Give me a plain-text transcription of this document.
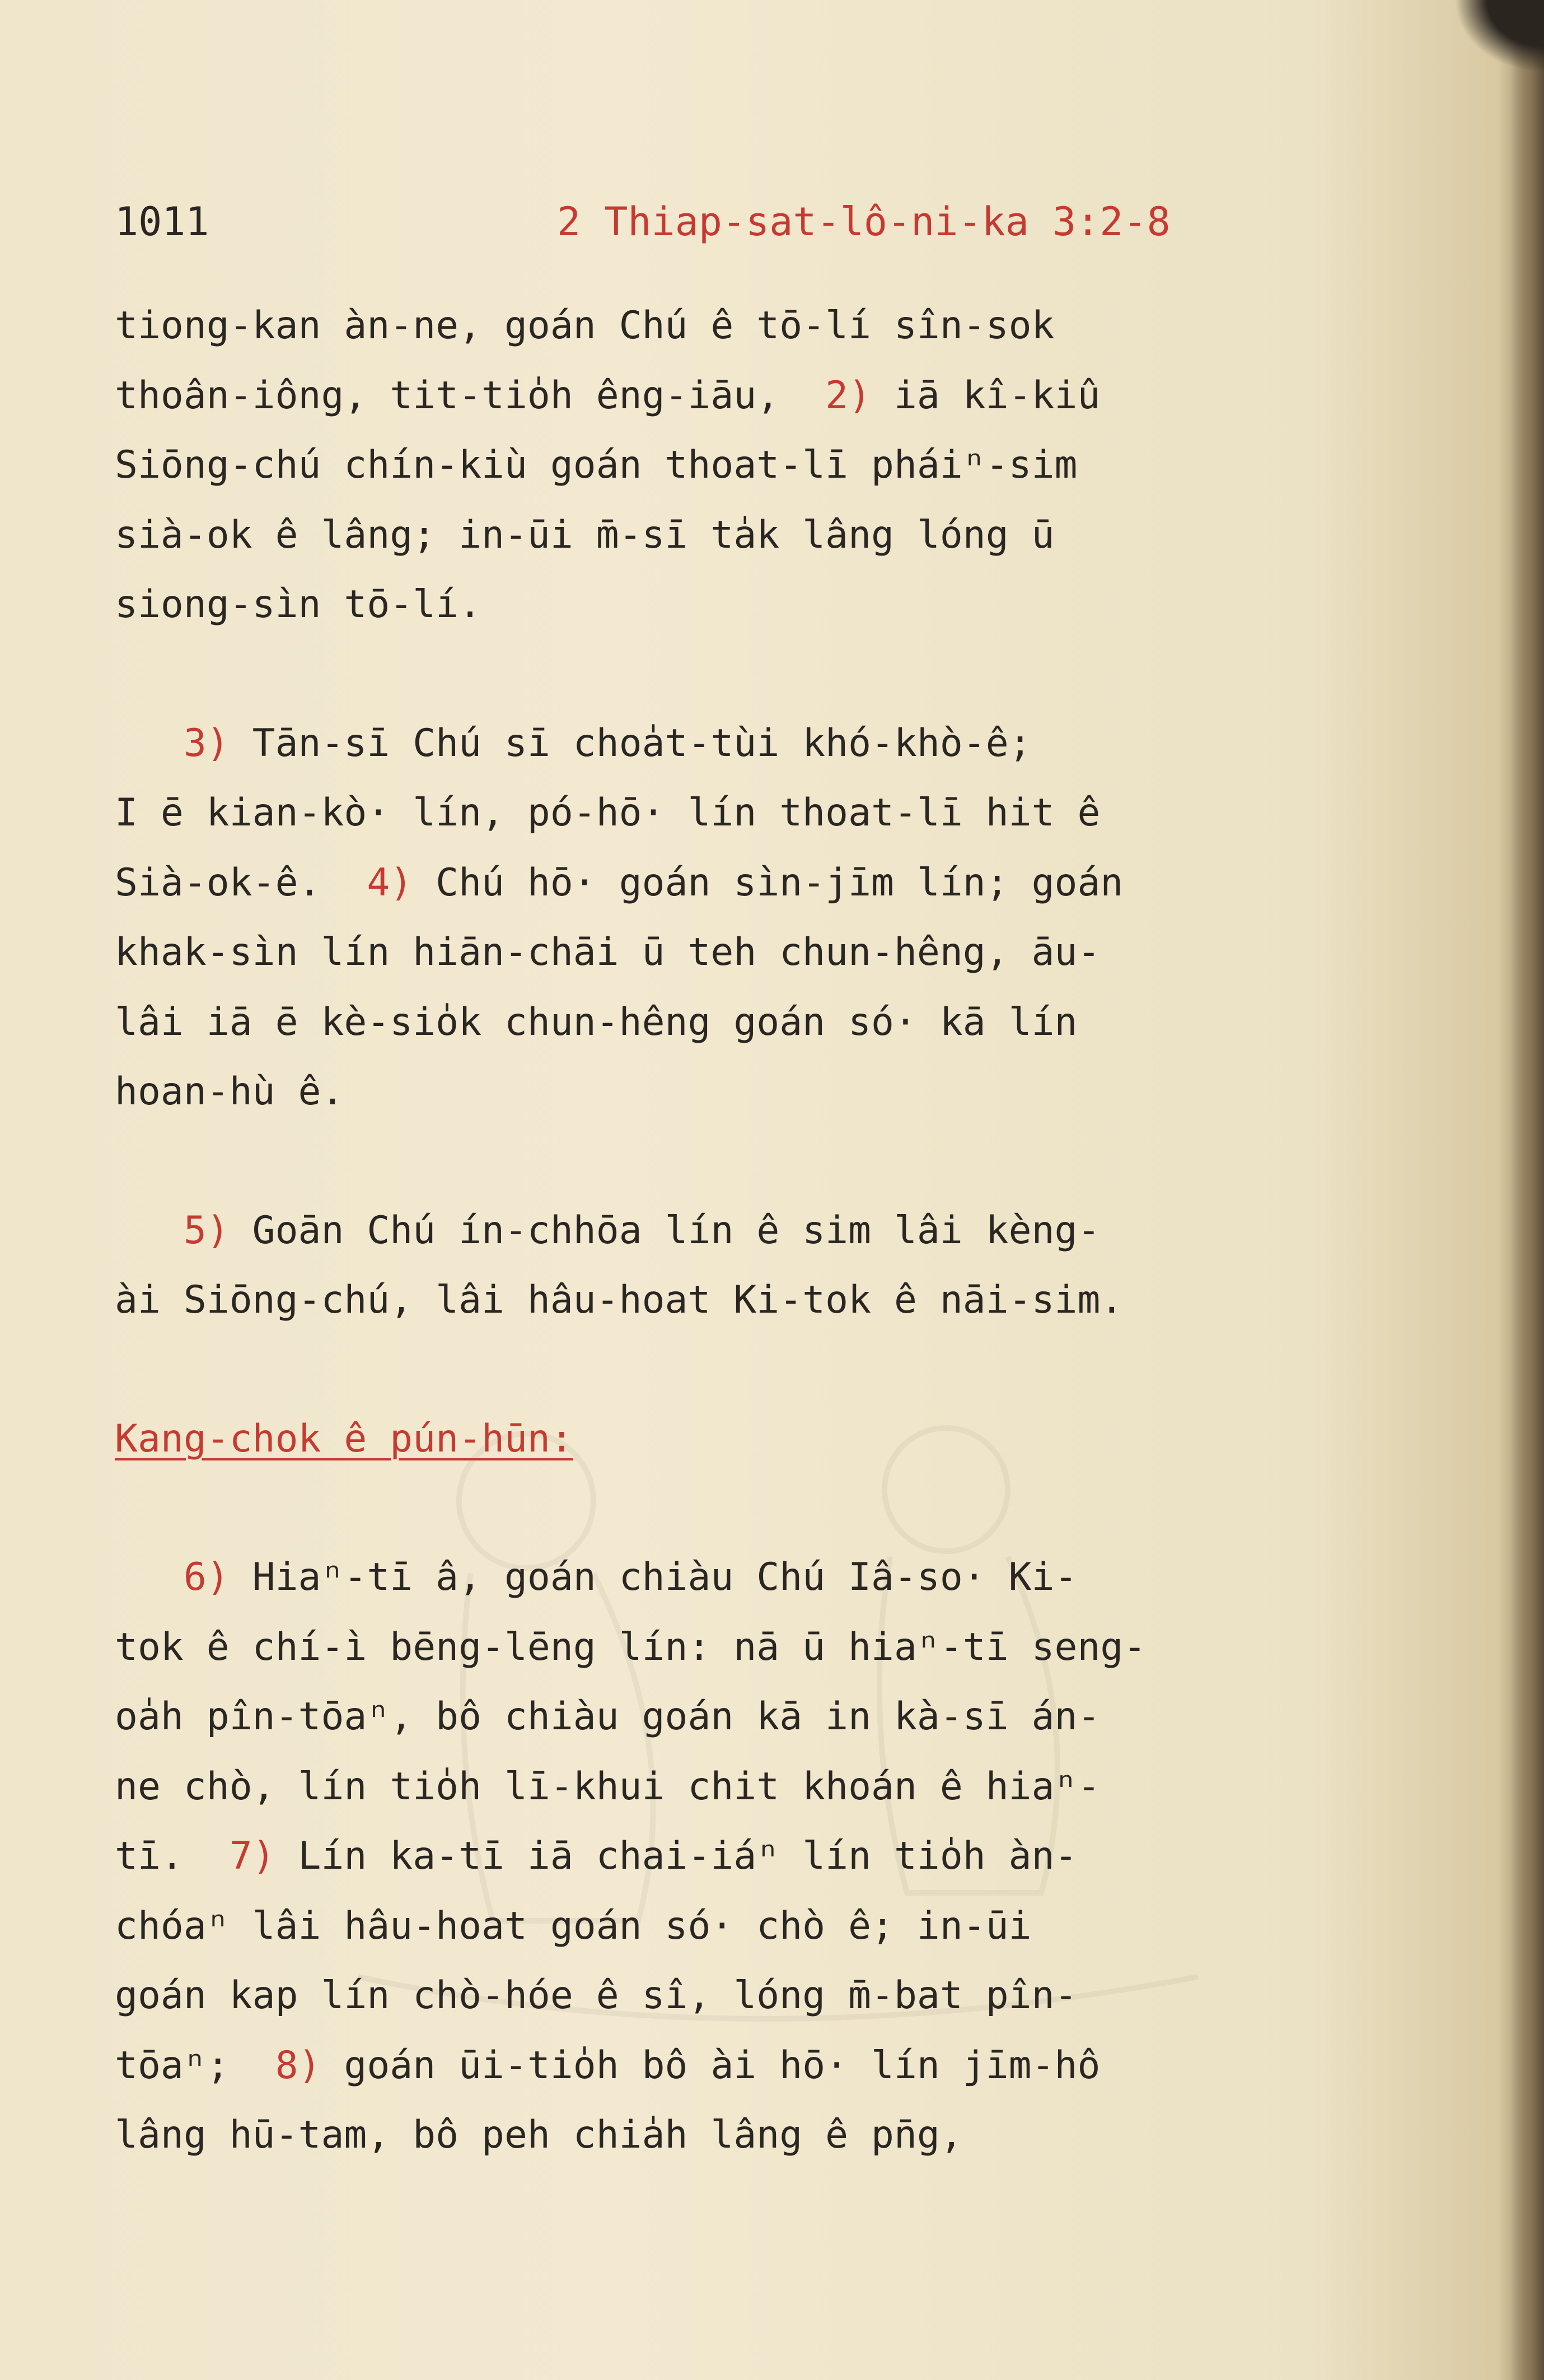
1011	2 Thiap-sat-lô-ni-ka 3:2-8
tiong-kan àn-ne, goán Chú ê tō-lí sîn-sok
thoân-iông, tit-tio̍h êng-iāu,  2) iā kî-kiû
Siōng-chú chín-kiù goán thoat-lī pháiⁿ-sim
sià-ok ê lâng; in-ūi m̄-sī ta̍k lâng lóng ū
siong-sìn tō-lí.
3) Tān-sī Chú sī choa̍t-tùi khó-khò-ê;
I ē kian-kò· lín, pó-hō· lín thoat-lī hit ê
Sià-ok-ê.  4) Chú hō· goán sìn-jīm lín; goán
khak-sìn lín hiān-chāi ū teh chun-hêng, āu-
lâi iā ē kè-sio̍k chun-hêng goán só· kā lín
hoan-hù ê.
5) Goān Chú ín-chhōa lín ê sim lâi kèng-
ài Siōng-chú, lâi hâu-hoat Ki-tok ê nāi-sim.
Kang-chok ê pún-hūn:
6) Hiaⁿ-tī â, goán chiàu Chú Iâ-so· Ki-
tok ê chí-ì bēng-lēng lín: nā ū hiaⁿ-tī seng-
oa̍h pîn-tōaⁿ, bô chiàu goán kā in kà-sī án-
ne chò, lín tio̍h lī-khui chit khoán ê hiaⁿ-
tī.  7) Lín ka-tī iā chai-iáⁿ lín tio̍h àn-
chóaⁿ lâi hâu-hoat goán só· chò ê; in-ūi
goán kap lín chò-hóe ê sî, lóng m̄-bat pîn-
tōaⁿ;  8) goán ūi-tio̍h bô ài hō· lín jīm-hô
lâng hū-tam, bô peh chia̍h lâng ê pn̄g,
